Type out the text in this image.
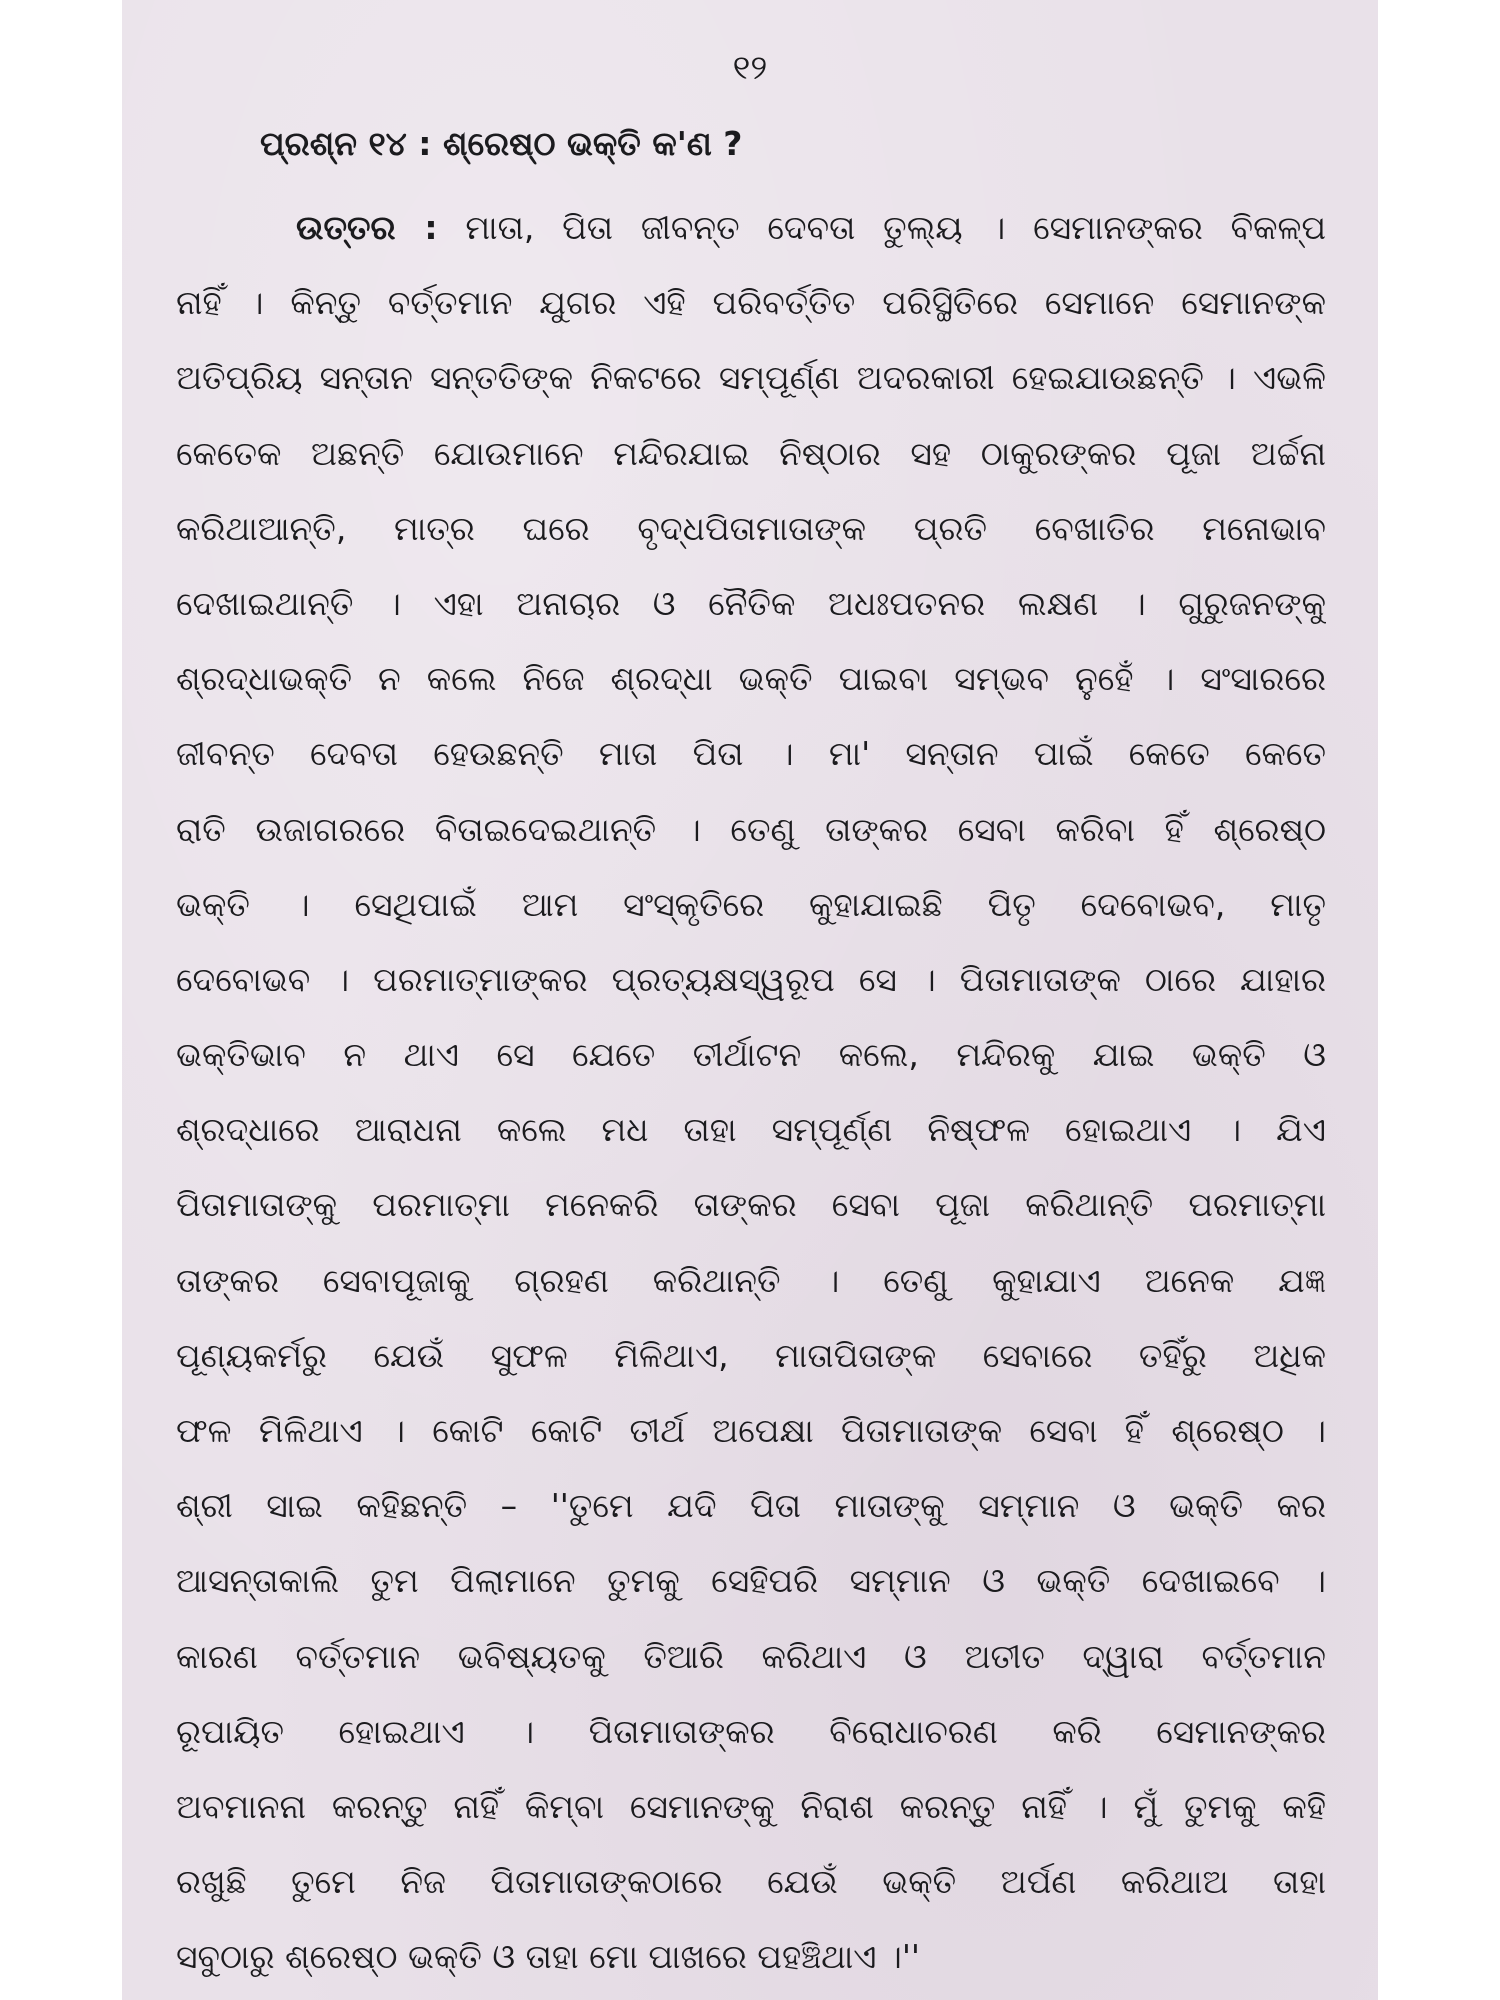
୧୨
ପ୍ରଶ୍ନ ୧୪ : ଶ୍ରେଷ୍ଠ ଭକ୍ତି କ'ଣ ?
ଉତ୍ତର : ମାତା, ପିତା ଜୀବନ୍ତ ଦେବତା ତୁଲ୍ୟ । ସେମାନଙ୍କର ବିକଳ୍ପ
ନାହିଁ । କିନ୍ତୁ ବର୍ତ୍ତମାନ ଯୁଗର ଏହି ପରିବର୍ତ୍ତିତ ପରିସ୍ଥିତିରେ ସେମାନେ ସେମାନଙ୍କ
ଅତିପ୍ରିୟ ସନ୍ତାନ ସନ୍ତତିଙ୍କ ନିକଟରେ ସମ୍ପୂର୍ଣ୍ଣ ଅଦରକାରୀ ହେଇଯାଉଛନ୍ତି । ଏଭଳି
କେତେକ ଅଛନ୍ତି ଯୋଉମାନେ ମନ୍ଦିରଯାଇ ନିଷ୍ଠାର ସହ ଠାକୁରଙ୍କର ପୂଜା ଅର୍ଚ୍ଚନା
କରିଥାଆନ୍ତି, ମାତ୍ର ଘରେ ବୃଦ୍ଧପିତାମାତାଙ୍କ ପ୍ରତି ବେଖାତିର ମନୋଭାବ
ଦେଖାଇଥାନ୍ତି । ଏହା ଅନାଚାର ଓ ନୈତିକ ଅଧଃପତନର ଲକ୍ଷଣ । ଗୁରୁଜନଙ୍କୁ
ଶ୍ରଦ୍ଧାଭକ୍ତି ନ କଲେ ନିଜେ ଶ୍ରଦ୍ଧା ଭକ୍ତି ପାଇବା ସମ୍ଭବ ନୁହେଁ । ସଂସାରରେ
ଜୀବନ୍ତ ଦେବତା ହେଉଛନ୍ତି ମାତା ପିତା । ମା' ସନ୍ତାନ ପାଇଁ କେତେ କେତେ
ରାତି ଉଜାଗରରେ ବିତାଇଦେଇଥାନ୍ତି । ତେଣୁ ତାଙ୍କର ସେବା କରିବା ହିଁ ଶ୍ରେଷ୍ଠ
ଭକ୍ତି । ସେଥିପାଇଁ ଆମ ସଂସ୍କୃତିରେ କୁହାଯାଇଛି ପିତୃ ଦେବୋଭବ, ମାତୃ
ଦେବୋଭବ । ପରମାତ୍ମାଙ୍କର ପ୍ରତ୍ୟକ୍ଷସ୍ୱରୂପ ସେ । ପିତାମାତାଙ୍କ ଠାରେ ଯାହାର
ଭକ୍ତିଭାବ ନ ଥାଏ ସେ ଯେତେ ତୀର୍ଥାଟନ କଲେ, ମନ୍ଦିରକୁ ଯାଇ ଭକ୍ତି ଓ
ଶ୍ରଦ୍ଧାରେ ଆରାଧନା କଲେ ମଧ ତାହା ସମ୍ପୂର୍ଣ୍ଣ ନିଷ୍ଫଳ ହୋଇଥାଏ । ଯିଏ
ପିତାମାତାଙ୍କୁ ପରମାତ୍ମା ମନେକରି ତାଙ୍କର ସେବା ପୂଜା କରିଥାନ୍ତି ପରମାତ୍ମା
ତାଙ୍କର ସେବାପୂଜାକୁ ଗ୍ରହଣ କରିଥାନ୍ତି । ତେଣୁ କୁହାଯାଏ ଅନେକ ଯଜ୍ଞ
ପୂଣ୍ୟକର୍ମରୁ ଯେଉଁ ସୁଫଳ ମିଳିଥାଏ, ମାତାପିତାଙ୍କ ସେବାରେ ତହିଁରୁ ଅଧିକ
ଫଳ ମିଳିଥାଏ । କୋଟି କୋଟି ତୀର୍ଥ ଅପେକ୍ଷା ପିତାମାତାଙ୍କ ସେବା ହିଁ ଶ୍ରେଷ୍ଠ ।
ଶ୍ରୀ ସାଇ କହିଛନ୍ତି – ''ତୁମେ ଯଦି ପିତା ମାତାଙ୍କୁ ସମ୍ମାନ ଓ ଭକ୍ତି କର
ଆସନ୍ତାକାଲି ତୁମ ପିଲାମାନେ ତୁମକୁ ସେହିପରି ସମ୍ମାନ ଓ ଭକ୍ତି ଦେଖାଇବେ ।
କାରଣ ବର୍ତ୍ତମାନ ଭବିଷ୍ୟତକୁ ତିଆରି କରିଥାଏ ଓ ଅତୀତ ଦ୍ୱାରା ବର୍ତ୍ତମାନ
ରୂପାୟିତ ହୋଇଥାଏ । ପିତାମାତାଙ୍କର ବିରୋଧାଚରଣ କରି ସେମାନଙ୍କର
ଅବମାନନା କରନ୍ତୁ ନାହିଁ କିମ୍ବା ସେମାନଙ୍କୁ ନିରାଶ କରନ୍ତୁ ନାହିଁ । ମୁଁ ତୁମକୁ କହି
ରଖୁଛି ତୁମେ ନିଜ ପିତାମାତାଙ୍କଠାରେ ଯେଉଁ ଭକ୍ତି ଅର୍ପଣ କରିଥାଅ ତାହା
ସବୁଠାରୁ ଶ୍ରେଷ୍ଠ ଭକ୍ତି ଓ ତାହା ମୋ ପାଖରେ ପହଞ୍ଚିଥାଏ ।''
